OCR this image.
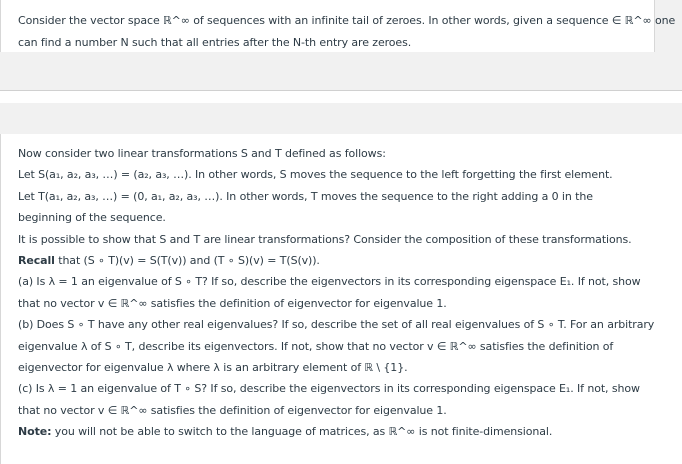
Consider the vector space ℝ^∞ of sequences with an infinite tail of zeroes. In other words, given a sequence ∈ ℝ^∞ one
can find a number N such that all entries after the N-th entry are zeroes.
Now consider two linear transformations S and T defined as follows:
Let S(a₁, a₂, a₃, …) = (a₂, a₃, …). In other words, S moves the sequence to the left forgetting the first element.
Let T(a₁, a₂, a₃, …) = (0, a₁, a₂, a₃, …). In other words, T moves the sequence to the right adding a 0 in the
beginning of the sequence.
It is possible to show that S and T are linear transformations? Consider the composition of these transformations.
Recall that (S ∘ T)(v) = S(T(v)) and (T ∘ S)(v) = T(S(v)).
(a) Is λ = 1 an eigenvalue of S ∘ T? If so, describe the eigenvectors in its corresponding eigenspace E₁. If not, show
that no vector v ∈ ℝ^∞ satisfies the definition of eigenvector for eigenvalue 1.
(b) Does S ∘ T have any other real eigenvalues? If so, describe the set of all real eigenvalues of S ∘ T. For an arbitrary
eigenvalue λ of S ∘ T, describe its eigenvectors. If not, show that no vector v ∈ ℝ^∞ satisfies the definition of
eigenvector for eigenvalue λ where λ is an arbitrary element of ℝ \ {1}.
(c) Is λ = 1 an eigenvalue of T ∘ S? If so, describe the eigenvectors in its corresponding eigenspace E₁. If not, show
that no vector v ∈ ℝ^∞ satisfies the definition of eigenvector for eigenvalue 1.
Note: you will not be able to switch to the language of matrices, as ℝ^∞ is not finite-dimensional.
